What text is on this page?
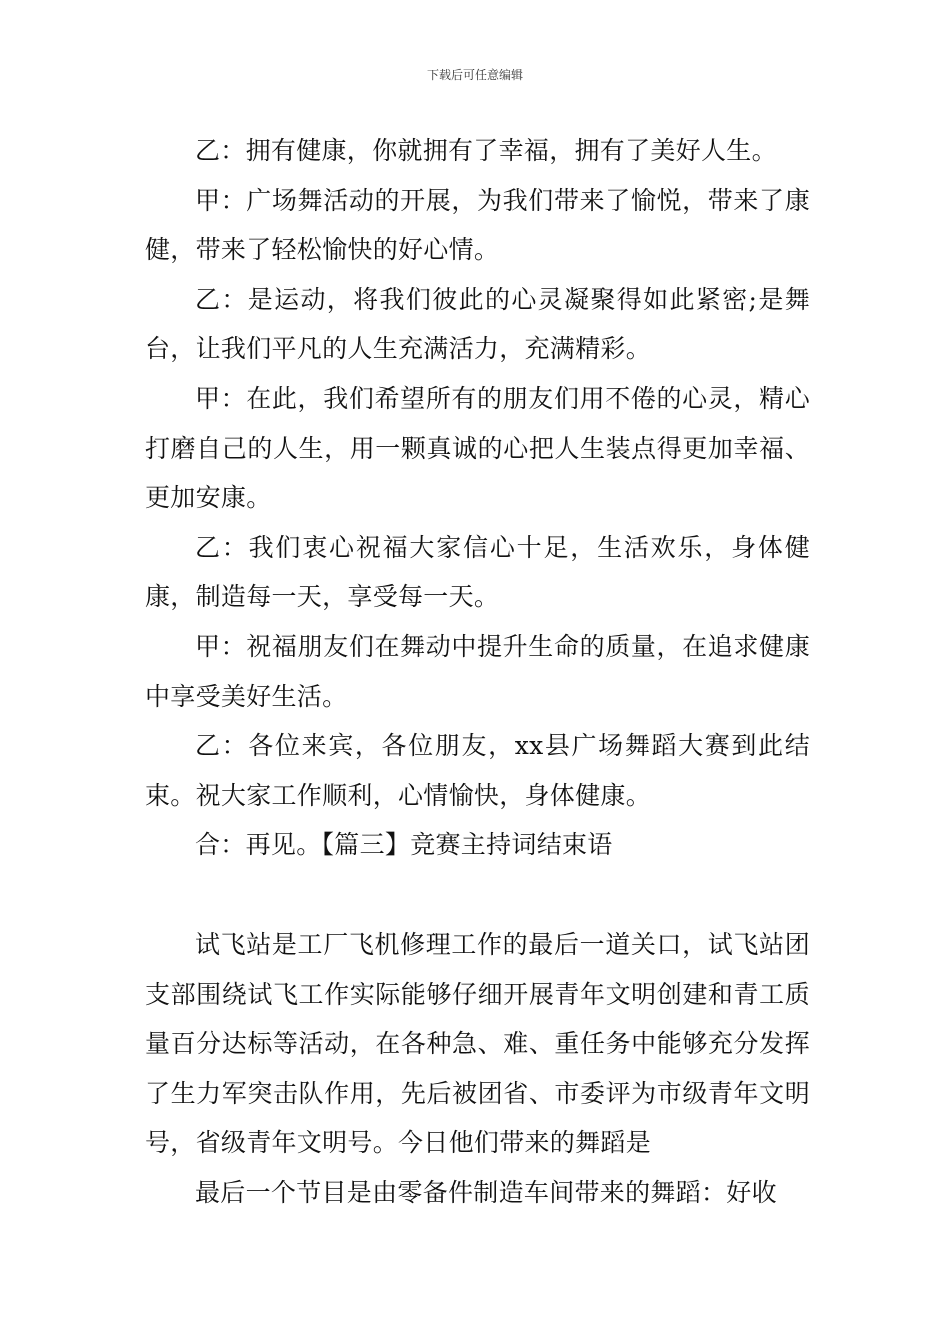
下载后可任意编辑

乙：拥有健康，你就拥有了幸福，拥有了美好人生。

甲：广场舞活动的开展，为我们带来了愉悦，带来了康健，带来了轻松愉快的好心情。

乙：是运动，将我们彼此的心灵凝聚得如此紧密;是舞台，让我们平凡的人生充满活力，充满精彩。

甲：在此，我们希望所有的朋友们用不倦的心灵，精心打磨自己的人生，用一颗真诚的心把人生装点得更加幸福、更加安康。

乙：我们衷心祝福大家信心十足，生活欢乐，身体健康，制造每一天，享受每一天。

甲：祝福朋友们在舞动中提升生命的质量，在追求健康中享受美好生活。

乙：各位来宾，各位朋友，xx县广场舞蹈大赛到此结束。祝大家工作顺利，心情愉快，身体健康。

合：再见。【篇三】竞赛主持词结束语

试飞站是工厂飞机修理工作的最后一道关口，试飞站团支部围绕试飞工作实际能够仔细开展青年文明创建和青工质量百分达标等活动，在各种急、难、重任务中能够充分发挥了生力军突击队作用，先后被团省、市委评为市级青年文明号，省级青年文明号。今日他们带来的舞蹈是

最后一个节目是由零备件制造车间带来的舞蹈：好收
